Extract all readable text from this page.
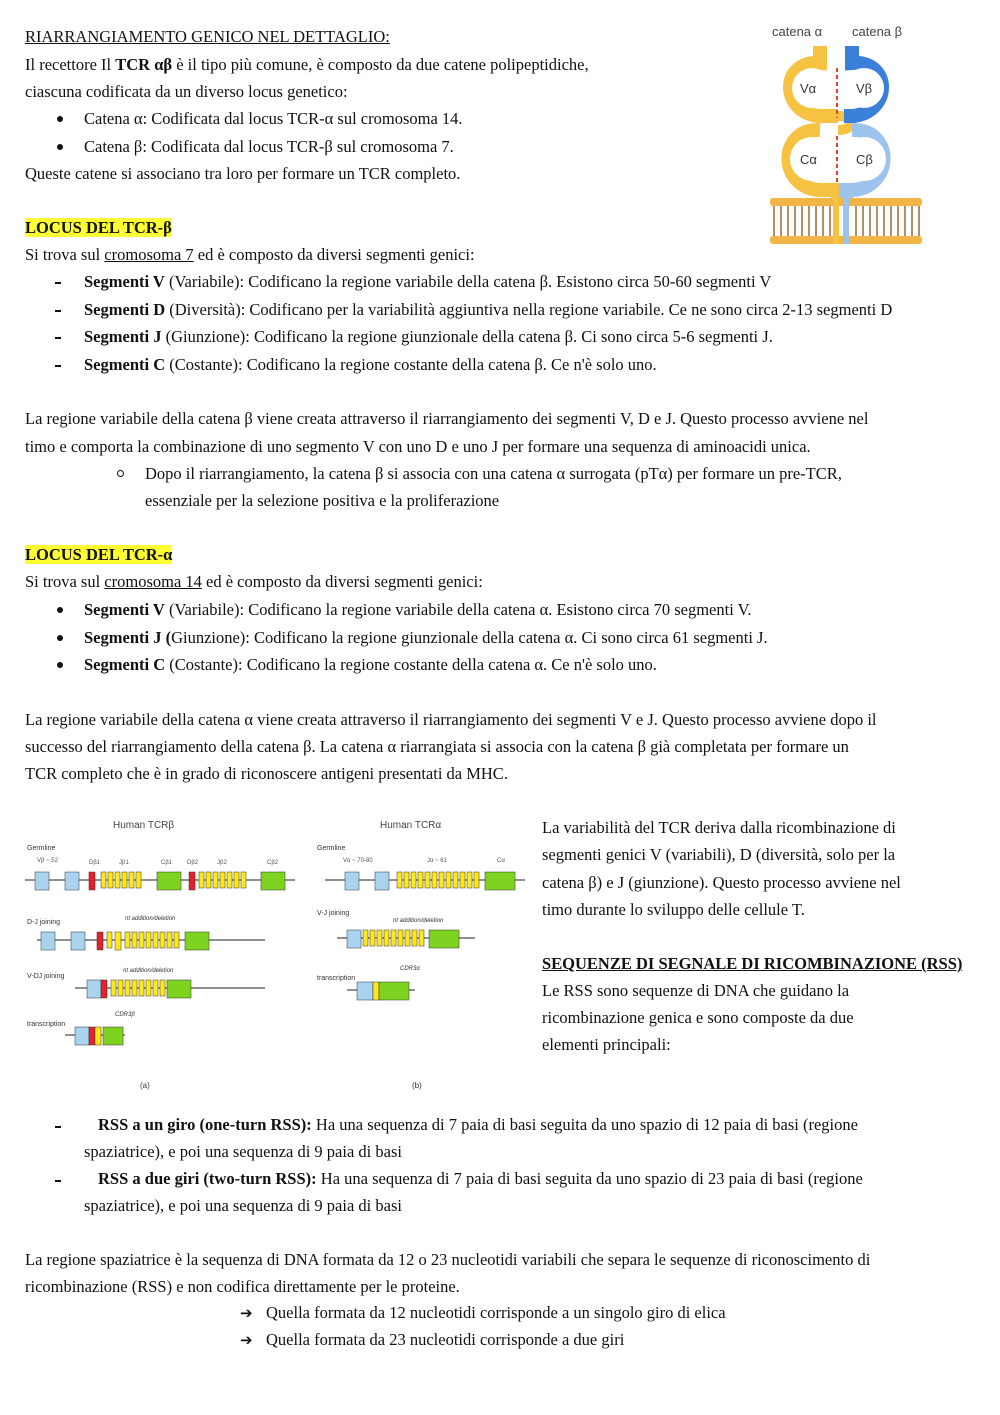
RIARRANGIAMENTO GENICO NEL DETTAGLIO:
Il recettore Il TCR αβ è il tipo più comune, è composto da due catene polipeptidiche,
ciascuna codificata da un diverso locus genetico:
Catena α: Codificata dal locus TCR-α sul cromosoma 14.
Catena β: Codificata dal locus TCR-β sul cromosoma 7.
Queste catene si associano tra loro per formare un TCR completo.
catena α catena β
Vα
Cα
Vβ
Cβ
LOCUS DEL TCR-β
Si trova sul cromosoma 7 ed è composto da diversi segmenti genici:
Segmenti V (Variabile): Codificano la regione variabile della catena β. Esistono circa 50-60 segmenti V
Segmenti D (Diversità): Codificano per la variabilità aggiuntiva nella regione variabile. Ce ne sono circa 2-13 segmenti D
Segmenti J (Giunzione): Codificano la regione giunzionale della catena β. Ci sono circa 5-6 segmenti J.
Segmenti C (Costante): Codificano la regione costante della catena β. Ce n'è solo uno.
La regione variabile della catena β viene creata attraverso il riarrangiamento dei segmenti V, D e J. Questo processo avviene nel
timo e comporta la combinazione di uno segmento V con uno D e uno J per formare una sequenza di aminoacidi unica.
Dopo il riarrangiamento, la catena β si associa con una catena α surrogata (pTα) per formare un pre-TCR,
essenziale per la selezione positiva e la proliferazione
LOCUS DEL TCR-α
Si trova sul cromosoma 14 ed è composto da diversi segmenti genici:
Segmenti V (Variabile): Codificano la regione variabile della catena α. Esistono circa 70 segmenti V.
Segmenti J (Giunzione): Codificano la regione giunzionale della catena α. Ci sono circa 61 segmenti J.
Segmenti C (Costante): Codificano la regione costante della catena α. Ce n'è solo uno.
La regione variabile della catena α viene creata attraverso il riarrangiamento dei segmenti V e J. Questo processo avviene dopo il
successo del riarrangiamento della catena β. La catena α riarrangiata si associa con la catena β già completata per formare un
TCR completo che è in grado di riconoscere antigeni presentati da MHC.
Human TCRβ	Human TCRα
Germline	Germline
D-J joining
V-DJ joining
transcription
V-J joining
transcription
Vβ ~ 52	Dβ1	Jβ1	Cβ1 Dβ2	Jβ2	Cβ2	Vα ~ 70-80	Jα ~ 61	Cα
nt addition/deletion
nt addition/deletion
nt addition/deletion
CDR3β
CDR3α
(a)	(b)
La variabilità del TCR deriva dalla ricombinazione di
segmenti genici V (variabili), D (diversità, solo per la
catena β) e J (giunzione). Questo processo avviene nel
timo durante lo sviluppo delle cellule T.
SEQUENZE DI SEGNALE DI RICOMBINAZIONE (RSS)
Le RSS sono sequenze di DNA che guidano la
ricombinazione genica e sono composte da due
elementi principali:
RSS a un giro (one-turn RSS): Ha una sequenza di 7 paia di basi seguita da uno spazio di 12 paia di basi (regione
spaziatrice), e poi una sequenza di 9 paia di basi
RSS a due giri (two-turn RSS): Ha una sequenza di 7 paia di basi seguita da uno spazio di 23 paia di basi (regione
spaziatrice), e poi una sequenza di 9 paia di basi
La regione spaziatrice è la sequenza di DNA formata da 12 o 23 nucleotidi variabili che separa le sequenze di riconoscimento di
ricombinazione (RSS) e non codifica direttamente per le proteine.
➔ Quella formata da 12 nucleotidi corrisponde a un singolo giro di elica
➔ Quella formata da 23 nucleotidi corrisponde a due giri
